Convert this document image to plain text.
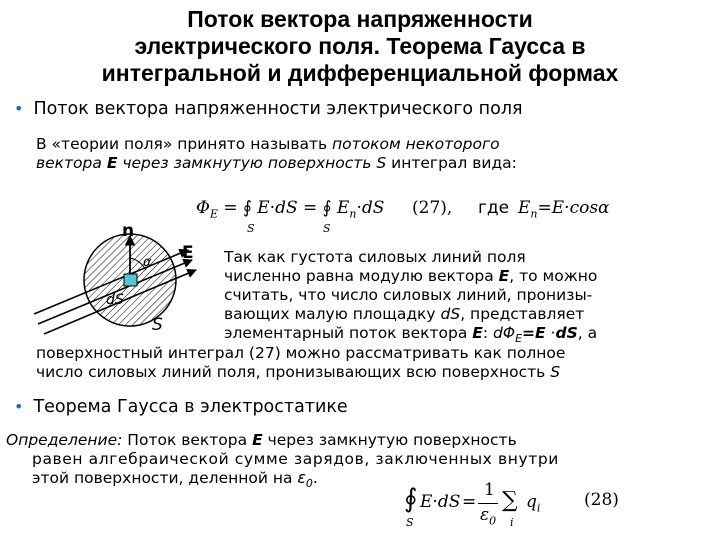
Поток вектора напряженности
электрического поля. Теорема Гаусса в
интегральной и дифференциальной формах
• Поток вектора напряженности электрического поля
В «теории поля» принято называть потоком некоторого
вектора E через замкнутую поверхность S интеграл вида:
$\Phi_E$ = ∮ E·dS = ∮ $E_n\cdot dS$
S	S
(27), где $E_n=E\cdot\cos\alpha$
n
α E
dS
S
Так как густота силовых линий поля
численно равна модулю вектора E, то можно
считать, что число силовых линий, пронизы-
вающих малую площадку dS, представляет
элементарный поток вектора E: $d\Phi_E=E \cdot dS$, а
поверхностный интеграл (27) можно рассматривать как полное
число силовых линий поля, пронизывающих всю поверхность S
• Теорема Гаусса в электростатике
Определение: Поток вектора E через замкнутую поверхность
равен алгебраической сумме зарядов, заключенных внутри
этой поверхности, деленной на $\varepsilon_0$.
∮ E·dS =
1
$\varepsilon_0$
∑ $q_i$
S	i
(28)
